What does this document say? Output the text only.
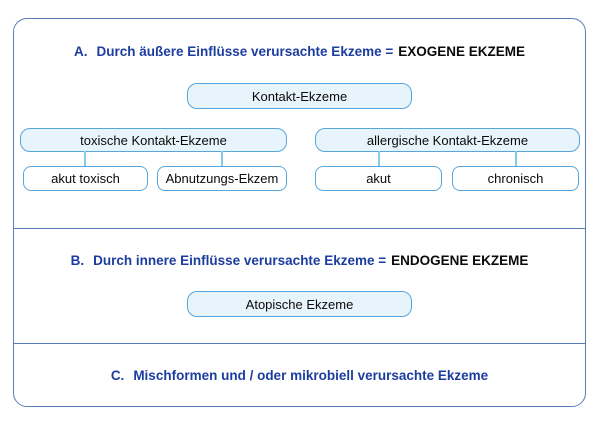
A. Durch äußere Einflüsse verursachte Ekzeme = EXOGENE EKZEME
Kontakt-Ekzeme
toxische Kontakt-Ekzeme	allergische Kontakt-Ekzeme
akut toxisch	Abnutzungs-Ekzem	akut	chronisch
B. Durch innere Einflüsse verursachte Ekzeme = ENDOGENE EKZEME
Atopische Ekzeme
C. Mischformen und / oder mikrobiell verursachte Ekzeme
